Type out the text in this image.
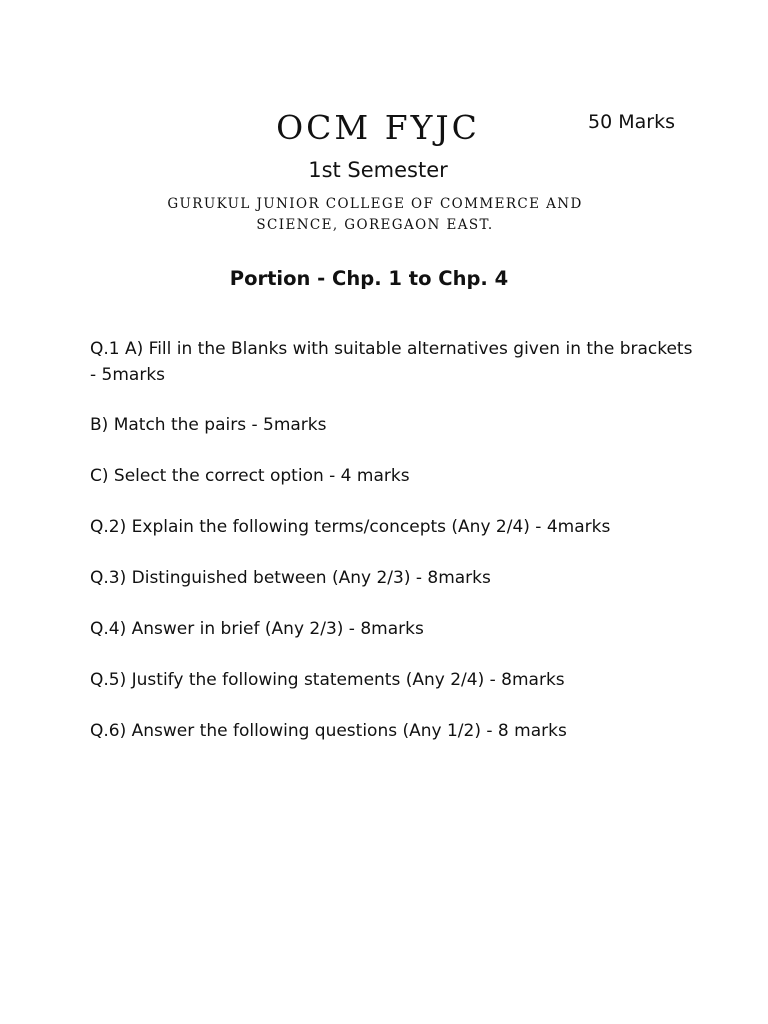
OCM FYJC	50 Marks
1st Semester
GURUKUL JUNIOR COLLEGE OF COMMERCE AND
SCIENCE, GOREGAON EAST.
Portion - Chp. 1 to Chp. 4
Q.1 A) Fill in the Blanks with suitable alternatives given in the brackets - 5marks
B) Match the pairs - 5marks
C) Select the correct option - 4 marks
Q.2) Explain the following terms/concepts (Any 2/4) - 4marks
Q.3) Distinguished between (Any 2/3) - 8marks
Q.4) Answer in brief (Any 2/3) - 8marks
Q.5) Justify the following statements (Any 2/4) - 8marks
Q.6) Answer the following questions (Any 1/2) - 8 marks
